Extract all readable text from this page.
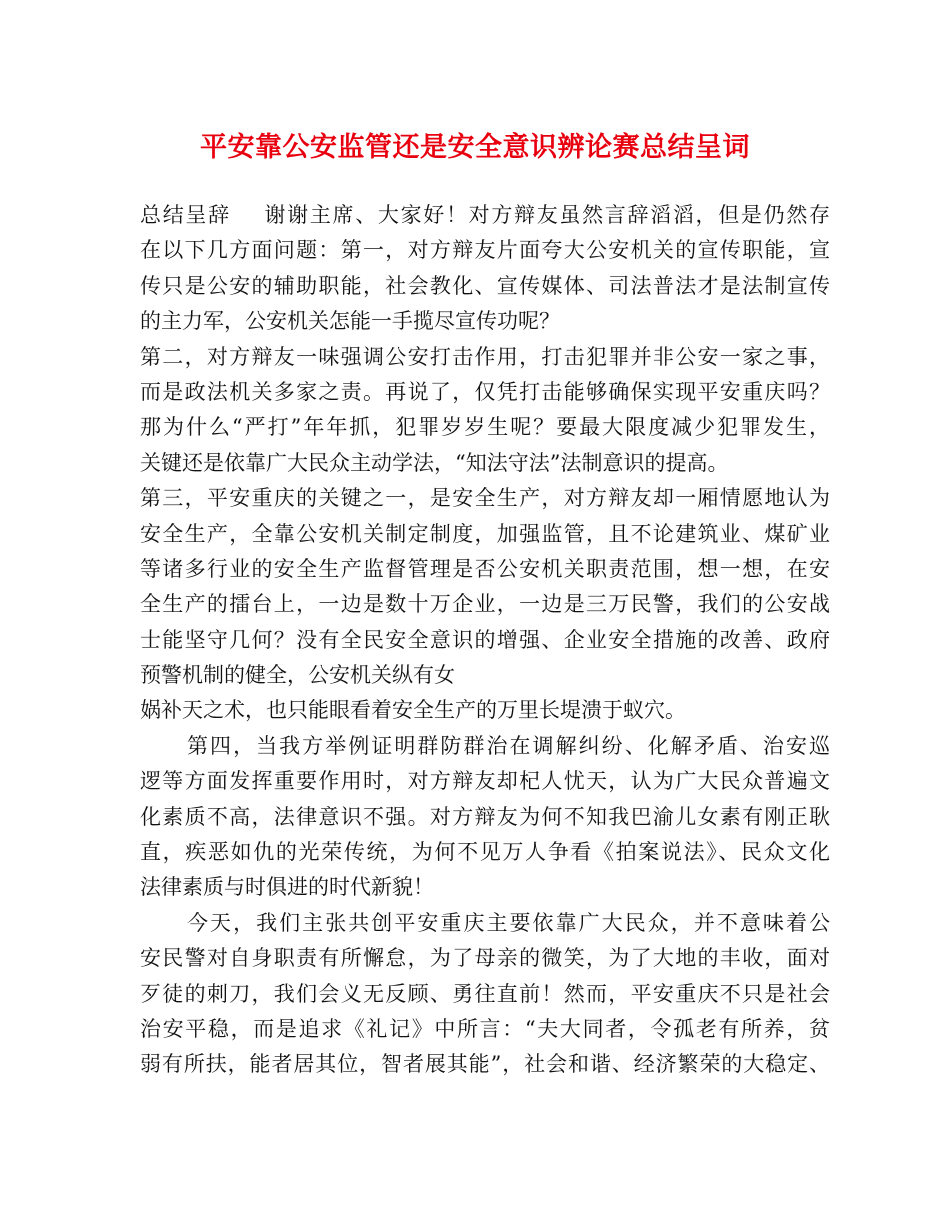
平安靠公安监管还是安全意识辨论赛总结呈词
总结呈辞 谢谢主席、大家好！对方辩友虽然言辞滔滔，但是仍然存
在以下几方面问题：第一，对方辩友片面夸大公安机关的宣传职能，宣
传只是公安的辅助职能，社会教化、宣传媒体、司法普法才是法制宣传
的主力军，公安机关怎能一手揽尽宣传功呢？
第二，对方辩友一味强调公安打击作用，打击犯罪并非公安一家之事，
而是政法机关多家之责。再说了，仅凭打击能够确保实现平安重庆吗？
那为什么“严打”年年抓，犯罪岁岁生呢？要最大限度减少犯罪发生，
关键还是依靠广大民众主动学法，“知法守法”法制意识的提高。
第三，平安重庆的关键之一，是安全生产，对方辩友却一厢情愿地认为
安全生产，全靠公安机关制定制度，加强监管，且不论建筑业、煤矿业
等诸多行业的安全生产监督管理是否公安机关职责范围，想一想，在安
全生产的擂台上，一边是数十万企业，一边是三万民警，我们的公安战
士能坚守几何？没有全民安全意识的增强、企业安全措施的改善、政府
预警机制的健全，公安机关纵有女
娲补天之术，也只能眼看着安全生产的万里长堤溃于蚁穴。
第四，当我方举例证明群防群治在调解纠纷、化解矛盾、治安巡
逻等方面发挥重要作用时，对方辩友却杞人忧天，认为广大民众普遍文
化素质不高，法律意识不强。对方辩友为何不知我巴渝儿女素有刚正耿
直，疾恶如仇的光荣传统，为何不见万人争看《拍案说法》、民众文化
法律素质与时俱进的时代新貌！
今天，我们主张共创平安重庆主要依靠广大民众，并不意味着公
安民警对自身职责有所懈怠，为了母亲的微笑，为了大地的丰收，面对
歹徒的刺刀，我们会义无反顾、勇往直前！然而，平安重庆不只是社会
治安平稳，而是追求《礼记》中所言：“夫大同者，令孤老有所养，贫
弱有所扶，能者居其位，智者展其能”，社会和谐、经济繁荣的大稳定、
